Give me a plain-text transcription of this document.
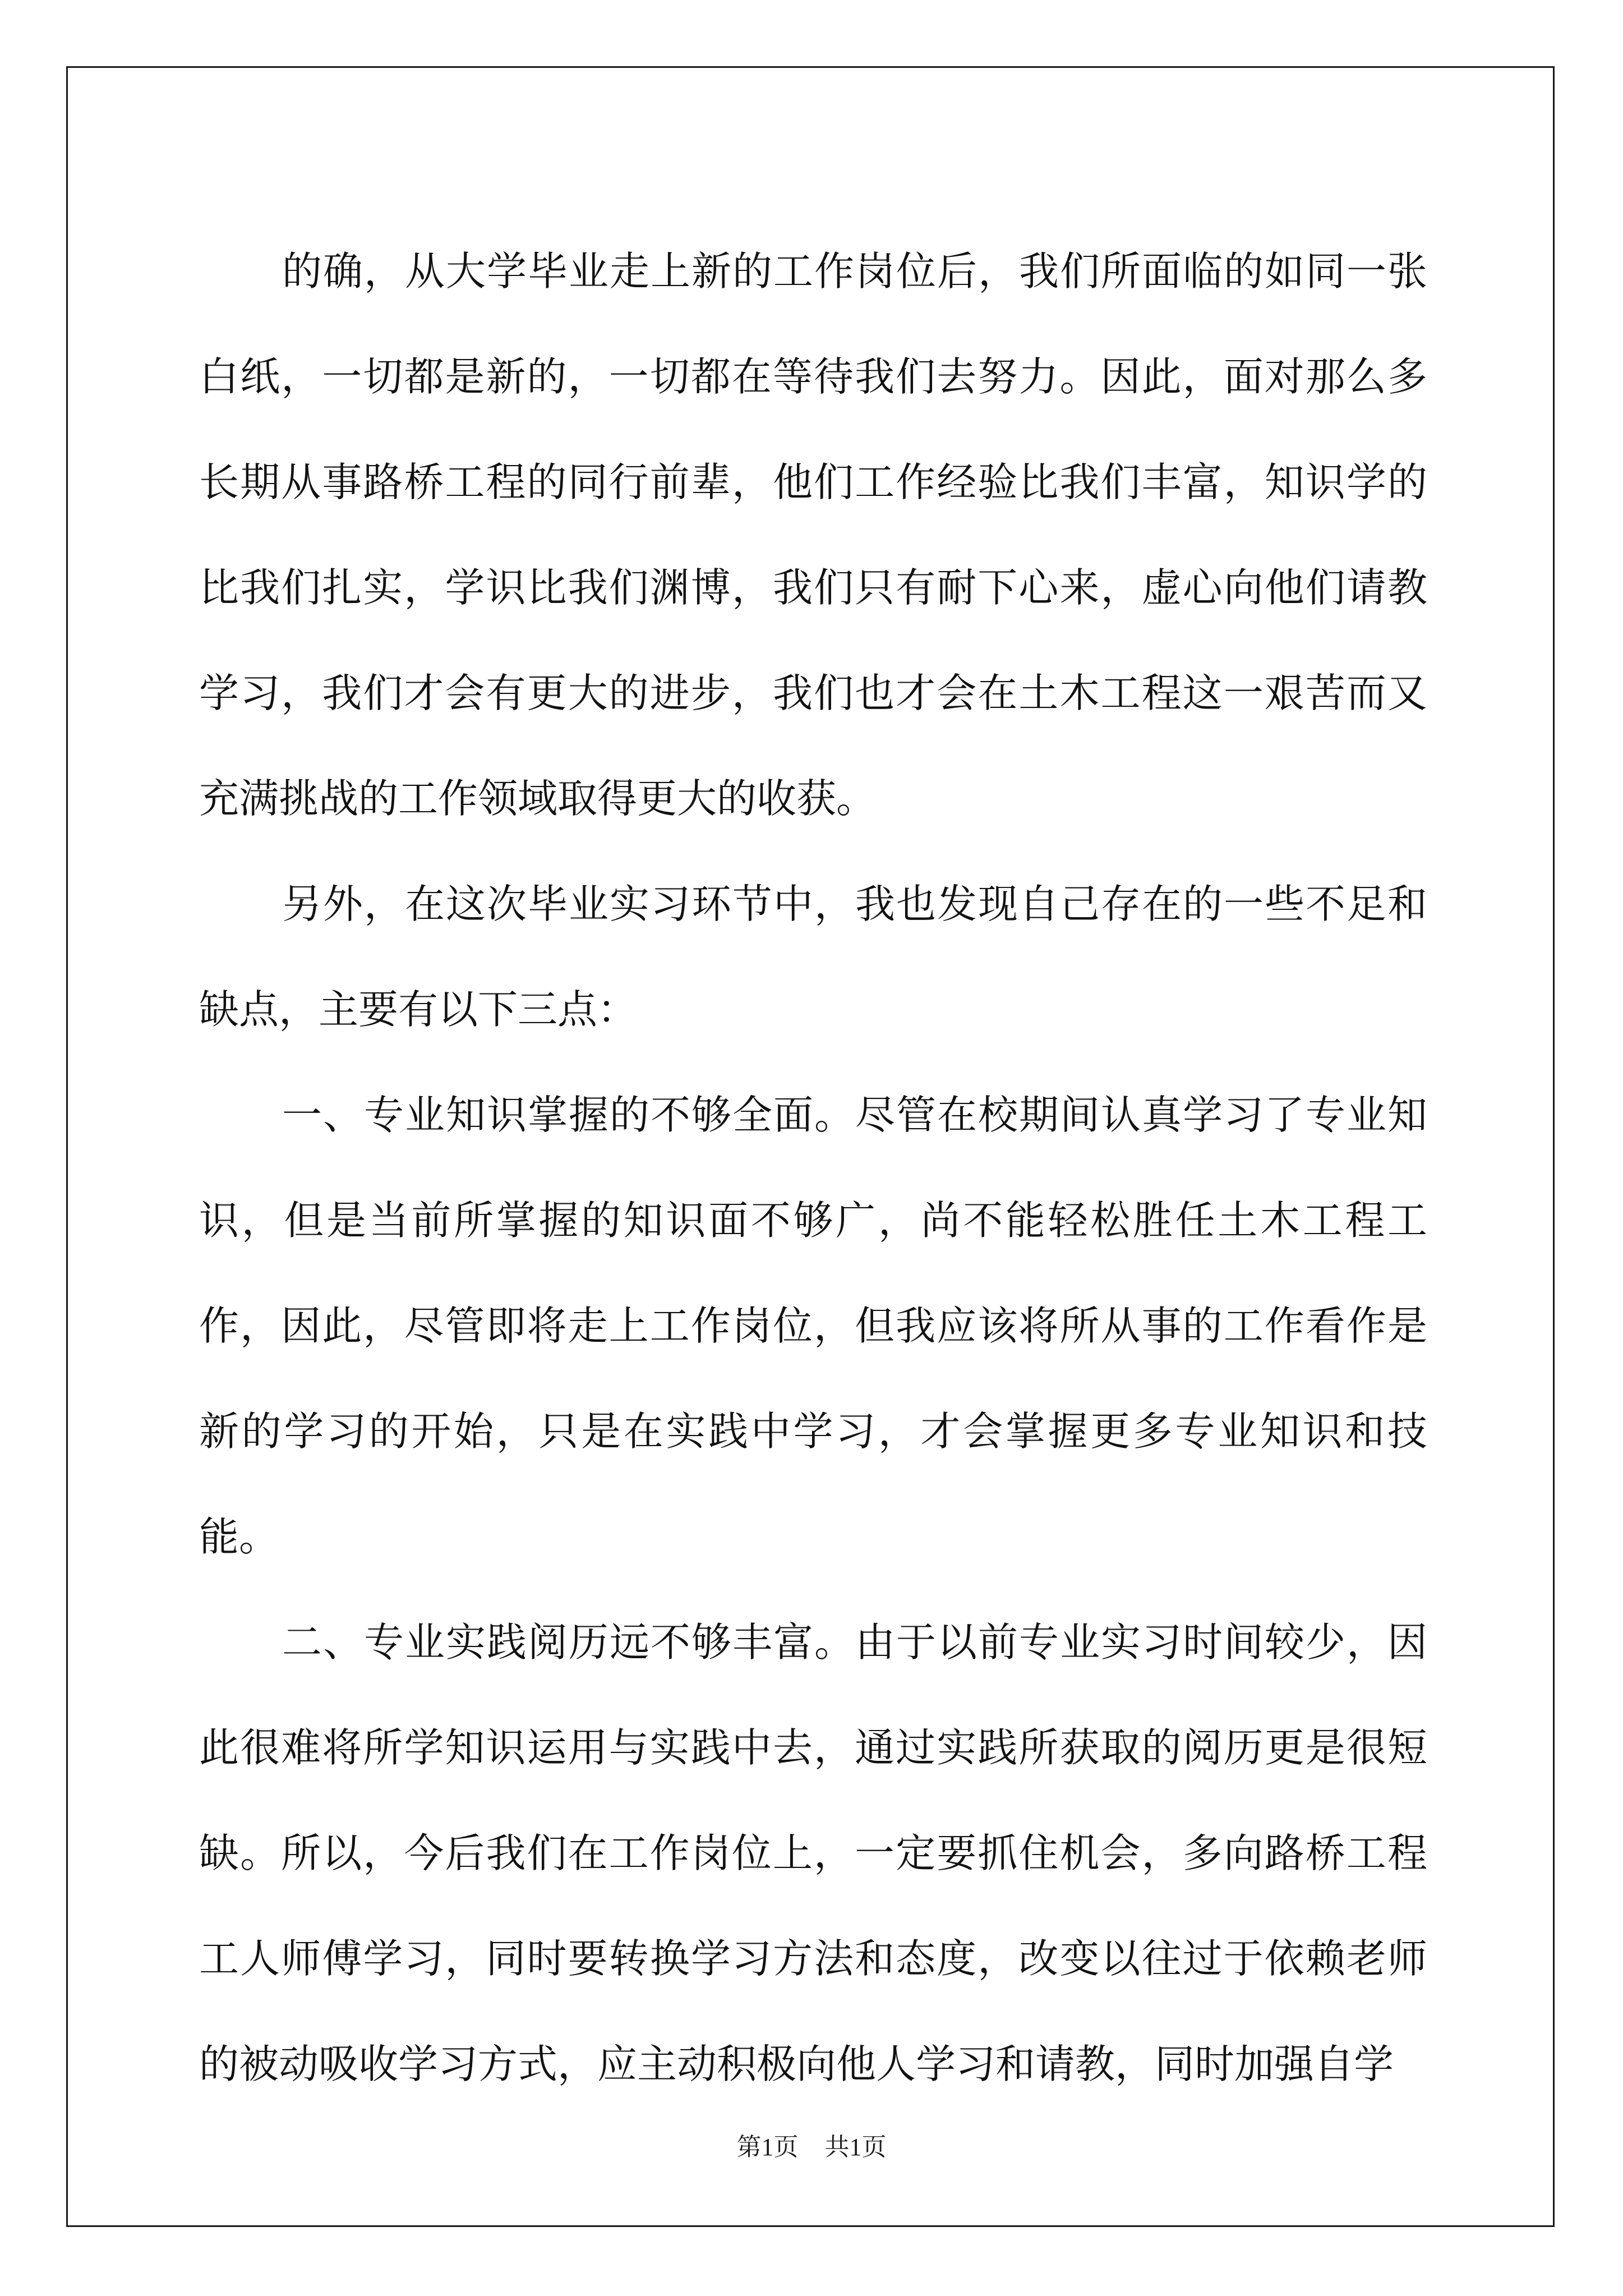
的确，从大学毕业走上新的工作岗位后，我们所面临的如同一张白纸，一切都是新的，一切都在等待我们去努力。因此，面对那么多长期从事路桥工程的同行前辈，他们工作经验比我们丰富，知识学的比我们扎实，学识比我们渊博，我们只有耐下心来，虚心向他们请教学习，我们才会有更大的进步，我们也才会在土木工程这一艰苦而又充满挑战的工作领域取得更大的收获。

另外，在这次毕业实习环节中，我也发现自己存在的一些不足和缺点，主要有以下三点：

一、专业知识掌握的不够全面。尽管在校期间认真学习了专业知识，但是当前所掌握的知识面不够广，尚不能轻松胜任土木工程工作，因此，尽管即将走上工作岗位，但我应该将所从事的工作看作是新的学习的开始，只是在实践中学习，才会掌握更多专业知识和技能。

二、专业实践阅历远不够丰富。由于以前专业实习时间较少，因此很难将所学知识运用与实践中去，通过实践所获取的阅历更是很短缺。所以，今后我们在工作岗位上，一定要抓住机会，多向路桥工程工人师傅学习，同时要转换学习方法和态度，改变以往过于依赖老师的被动吸收学习方式，应主动积极向他人学习和请教，同时加强自学

第1页 共1页
